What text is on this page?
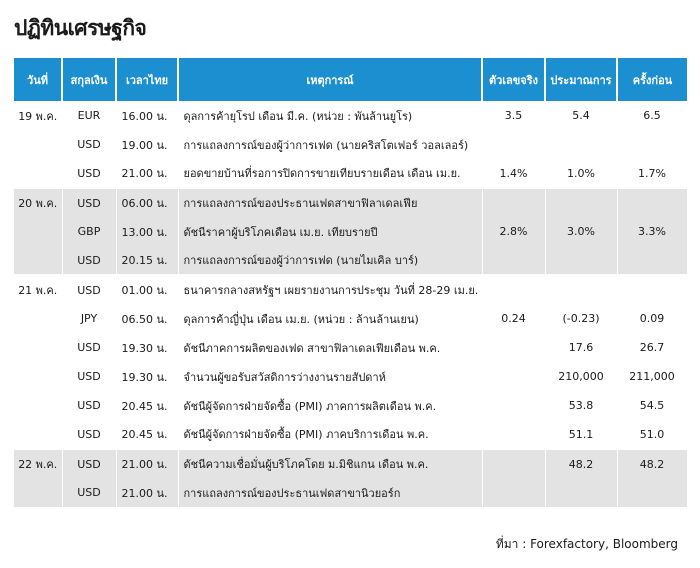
ปฏิทินเศรษฐกิจ
วันที่	สกุลเงิน	เวลาไทย	เหตุการณ์	ตัวเลขจริง	ประมาณการ	ครั้งก่อน
19 พ.ค.	EUR	16.00 น.	ดุลการค้ายุโรป เดือน มี.ค. (หน่วย : พันล้านยูโร)	3.5	5.4	6.5
	USD	19.00 น.	การแถลงการณ์ของผู้ว่าการเฟด (นายคริสโตเฟอร์ วอลเลอร์)			
	USD	21.00 น.	ยอดขายบ้านที่รอการปิดการขายเทียบรายเดือน เดือน เม.ย.	1.4%	1.0%	1.7%
20 พ.ค.	USD	06.00 น.	การแถลงการณ์ของประธานเฟดสาขาฟิลาเดลเฟีย			
	GBP	13.00 น.	ดัชนีราคาผู้บริโภคเดือน เม.ย. เทียบรายปี	2.8%	3.0%	3.3%
	USD	20.15 น.	การแถลงการณ์ของผู้ว่าการเฟด (นายไมเคิล บาร์)			
21 พ.ค.	USD	01.00 น.	ธนาคารกลางสหรัฐฯ เผยรายงานการประชุม วันที่ 28-29 เม.ย.			
	JPY	06.50 น.	ดุลการค้าญี่ปุ่น เดือน เม.ย. (หน่วย : ล้านล้านเยน)	0.24	(-0.23)	0.09
	USD	19.30 น.	ดัชนีภาคการผลิตของเฟด สาขาฟิลาเดลเฟียเดือน พ.ค.		17.6	26.7
	USD	19.30 น.	จำนวนผู้ขอรับสวัสดิการว่างงานรายสัปดาห์		210,000	211,000
	USD	20.45 น.	ดัชนีผู้จัดการฝ่ายจัดซื้อ (PMI) ภาคการผลิตเดือน พ.ค.		53.8	54.5
	USD	20.45 น.	ดัชนีผู้จัดการฝ่ายจัดซื้อ (PMI) ภาคบริการเดือน พ.ค.		51.1	51.0
22 พ.ค.	USD	21.00 น.	ดัชนีความเชื่อมั่นผู้บริโภคโดย ม.มิชิแกน เดือน พ.ค.		48.2	48.2
	USD	21.00 น.	การแถลงการณ์ของประธานเฟดสาขานิวยอร์ก			
ที่มา : Forexfactory, Bloomberg
